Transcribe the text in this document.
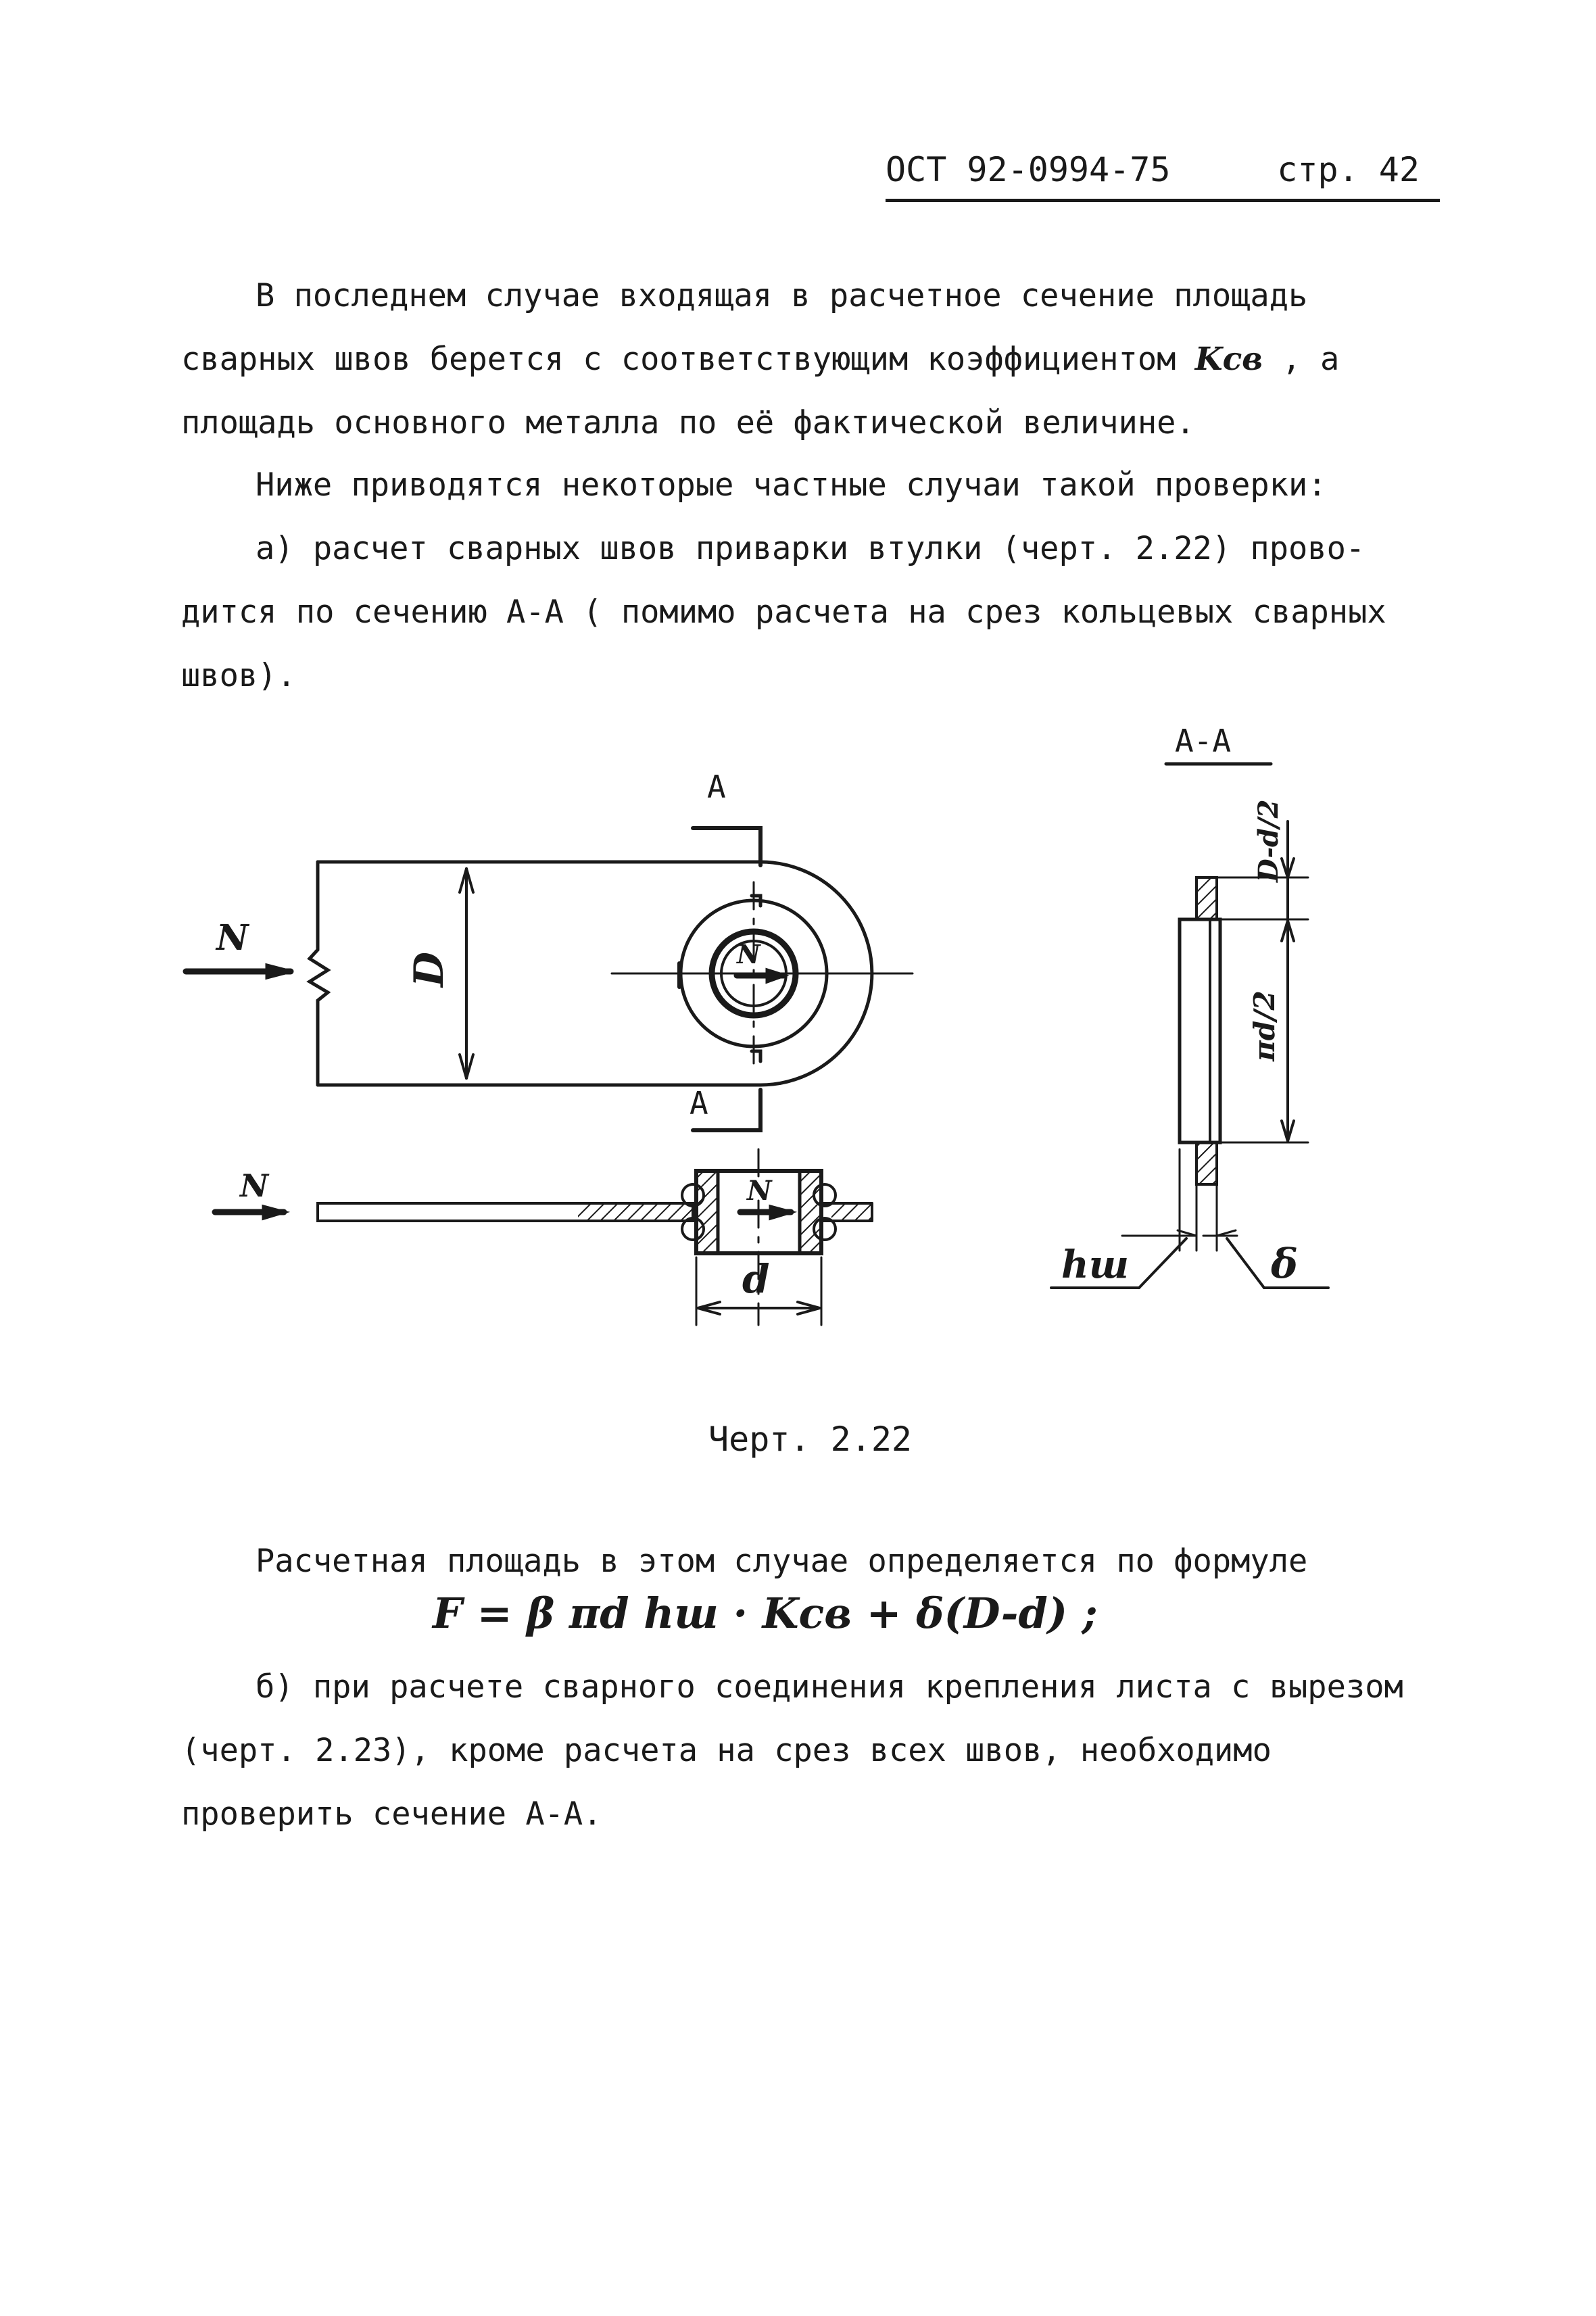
ОСТ 92-0994-75	стр. 42
В последнем случае входящая в расчетное сечение площадь
сварных швов берется с соответствующим коэффициентом Kсв , а
площадь основного металла по её фактической величине.
Ниже приводятся некоторые частные случаи такой проверки:
а) расчет сварных швов приварки втулки (черт. 2.22) прово-
дится по сечению А-А ( помимо расчета на срез кольцевых сварных
швов).
N	N
N	N
D
d
D-d/2
πd/2
hш	δ
А-А
А
А
Черт. 2.22
Расчетная площадь в этом случае определяется по формуле
F = β πd hш · Kсв + δ(D-d) ;
б) при расчете сварного соединения крепления листа с вырезом
(черт. 2.23), кроме расчета на срез всех швов, необходимо
проверить сечение А-А.
